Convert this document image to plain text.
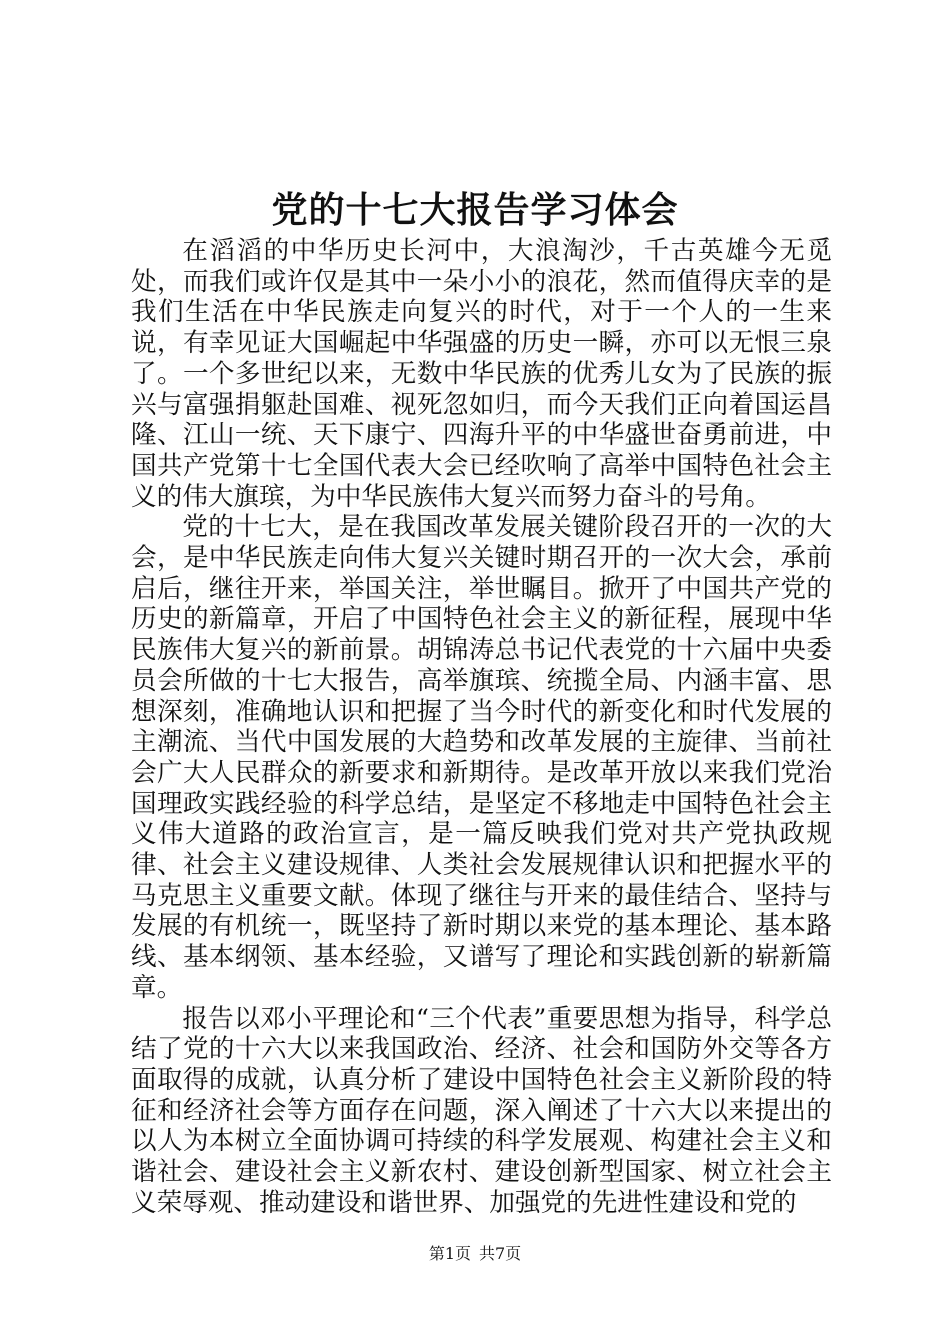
党的十七大报告学习体会

在滔滔的中华历史长河中，大浪淘沙，千古英雄今无觅处，而我们或许仅是其中一朵小小的浪花，然而值得庆幸的是我们生活在中华民族走向复兴的时代，对于一个人的一生来说，有幸见证大国崛起中华强盛的历史一瞬，亦可以无恨三泉了。一个多世纪以来，无数中华民族的优秀儿女为了民族的振兴与富强捐躯赴国难、视死忽如归，而今天我们正向着国运昌隆、江山一统、天下康宁、四海升平的中华盛世奋勇前进，中国共产党第十七全国代表大会已经吹响了高举中国特色社会主义的伟大旗瑸，为中华民族伟大复兴而努力奋斗的号角。

党的十七大，是在我国改革发展关键阶段召开的一次的大会，是中华民族走向伟大复兴关键时期召开的一次大会，承前启后，继往开来，举国关注，举世瞩目。掀开了中国共产党的历史的新篇章，开启了中国特色社会主义的新征程，展现中华民族伟大复兴的新前景。胡锦涛总书记代表党的十六届中央委员会所做的十七大报告，高举旗瑸、统揽全局、内涵丰富、思想深刻，准确地认识和把握了当今时代的新变化和时代发展的主潮流、当代中国发展的大趋势和改革发展的主旋律、当前社会广大人民群众的新要求和新期待。是改革开放以来我们党治国理政实践经验的科学总结，是坚定不移地走中国特色社会主义伟大道路的政治宣言，是一篇反映我们党对共产党执政规律、社会主义建设规律、人类社会发展规律认识和把握水平的马克思主义重要文献。体现了继往与开来的最佳结合、坚持与发展的有机统一，既坚持了新时期以来党的基本理论、基本路线、基本纲领、基本经验，又谱写了理论和实践创新的崭新篇章。

报告以邓小平理论和“三个代表”重要思想为指导，科学总结了党的十六大以来我国政治、经济、社会和国防外交等各方面取得的成就，认真分析了建设中国特色社会主义新阶段的特征和经济社会等方面存在问题，深入阐述了十六大以来提出的以人为本树立全面协调可持续的科学发展观、构建社会主义和谐社会、建设社会主义新农村、建设创新型国家、树立社会主义荣辱观、推动建设和谐世界、加强党的先进性建设和党的

第1页 共7页
